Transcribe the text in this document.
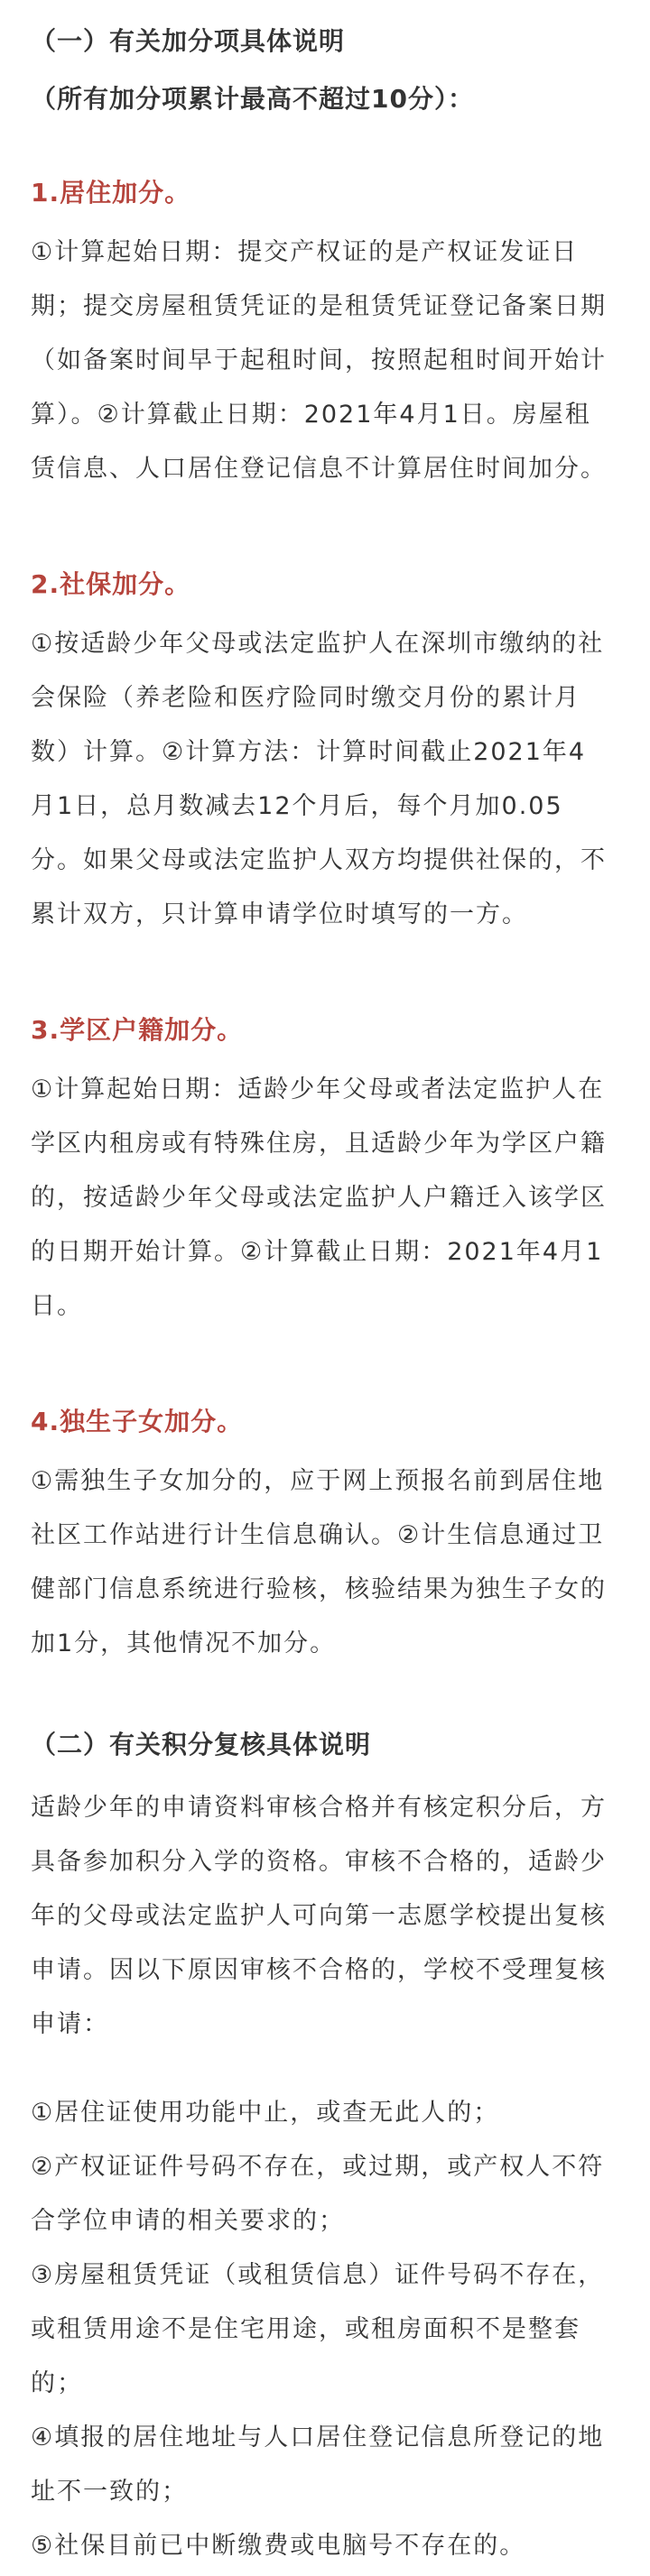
（一）有关加分项具体说明
（所有加分项累计最高不超过10分）：
1.居住加分。

①计算起始日期：提交产权证的是产权证发证日期；提交房屋租赁凭证的是租赁凭证登记备案日期（如备案时间早于起租时间，按照起租时间开始计算）。②计算截止日期：2021年4月1日。房屋租赁信息、人口居住登记信息不计算居住时间加分。

2.社保加分。

①按适龄少年父母或法定监护人在深圳市缴纳的社会保险（养老险和医疗险同时缴交月份的累计月数）计算。②计算方法：计算时间截止2021年4月1日，总月数减去12个月后，每个月加0.05分。如果父母或法定监护人双方均提供社保的，不累计双方，只计算申请学位时填写的一方。

3.学区户籍加分。

①计算起始日期：适龄少年父母或者法定监护人在学区内租房或有特殊住房，且适龄少年为学区户籍的，按适龄少年父母或法定监护人户籍迁入该学区的日期开始计算。②计算截止日期：2021年4月1日。

4.独生子女加分。

①需独生子女加分的，应于网上预报名前到居住地社区工作站进行计生信息确认。②计生信息通过卫健部门信息系统进行验核，核验结果为独生子女的加1分，其他情况不加分。

（二）有关积分复核具体说明

适龄少年的申请资料审核合格并有核定积分后，方具备参加积分入学的资格。审核不合格的，适龄少年的父母或法定监护人可向第一志愿学校提出复核申请。因以下原因审核不合格的，学校不受理复核申请：

①居住证使用功能中止，或查无此人的；
②产权证证件号码不存在，或过期，或产权人不符合学位申请的相关要求的；
③房屋租赁凭证（或租赁信息）证件号码不存在，或租赁用途不是住宅用途，或租房面积不是整套的；
④填报的居住地址与人口居住登记信息所登记的地址不一致的；
⑤社保目前已中断缴费或电脑号不存在的。
